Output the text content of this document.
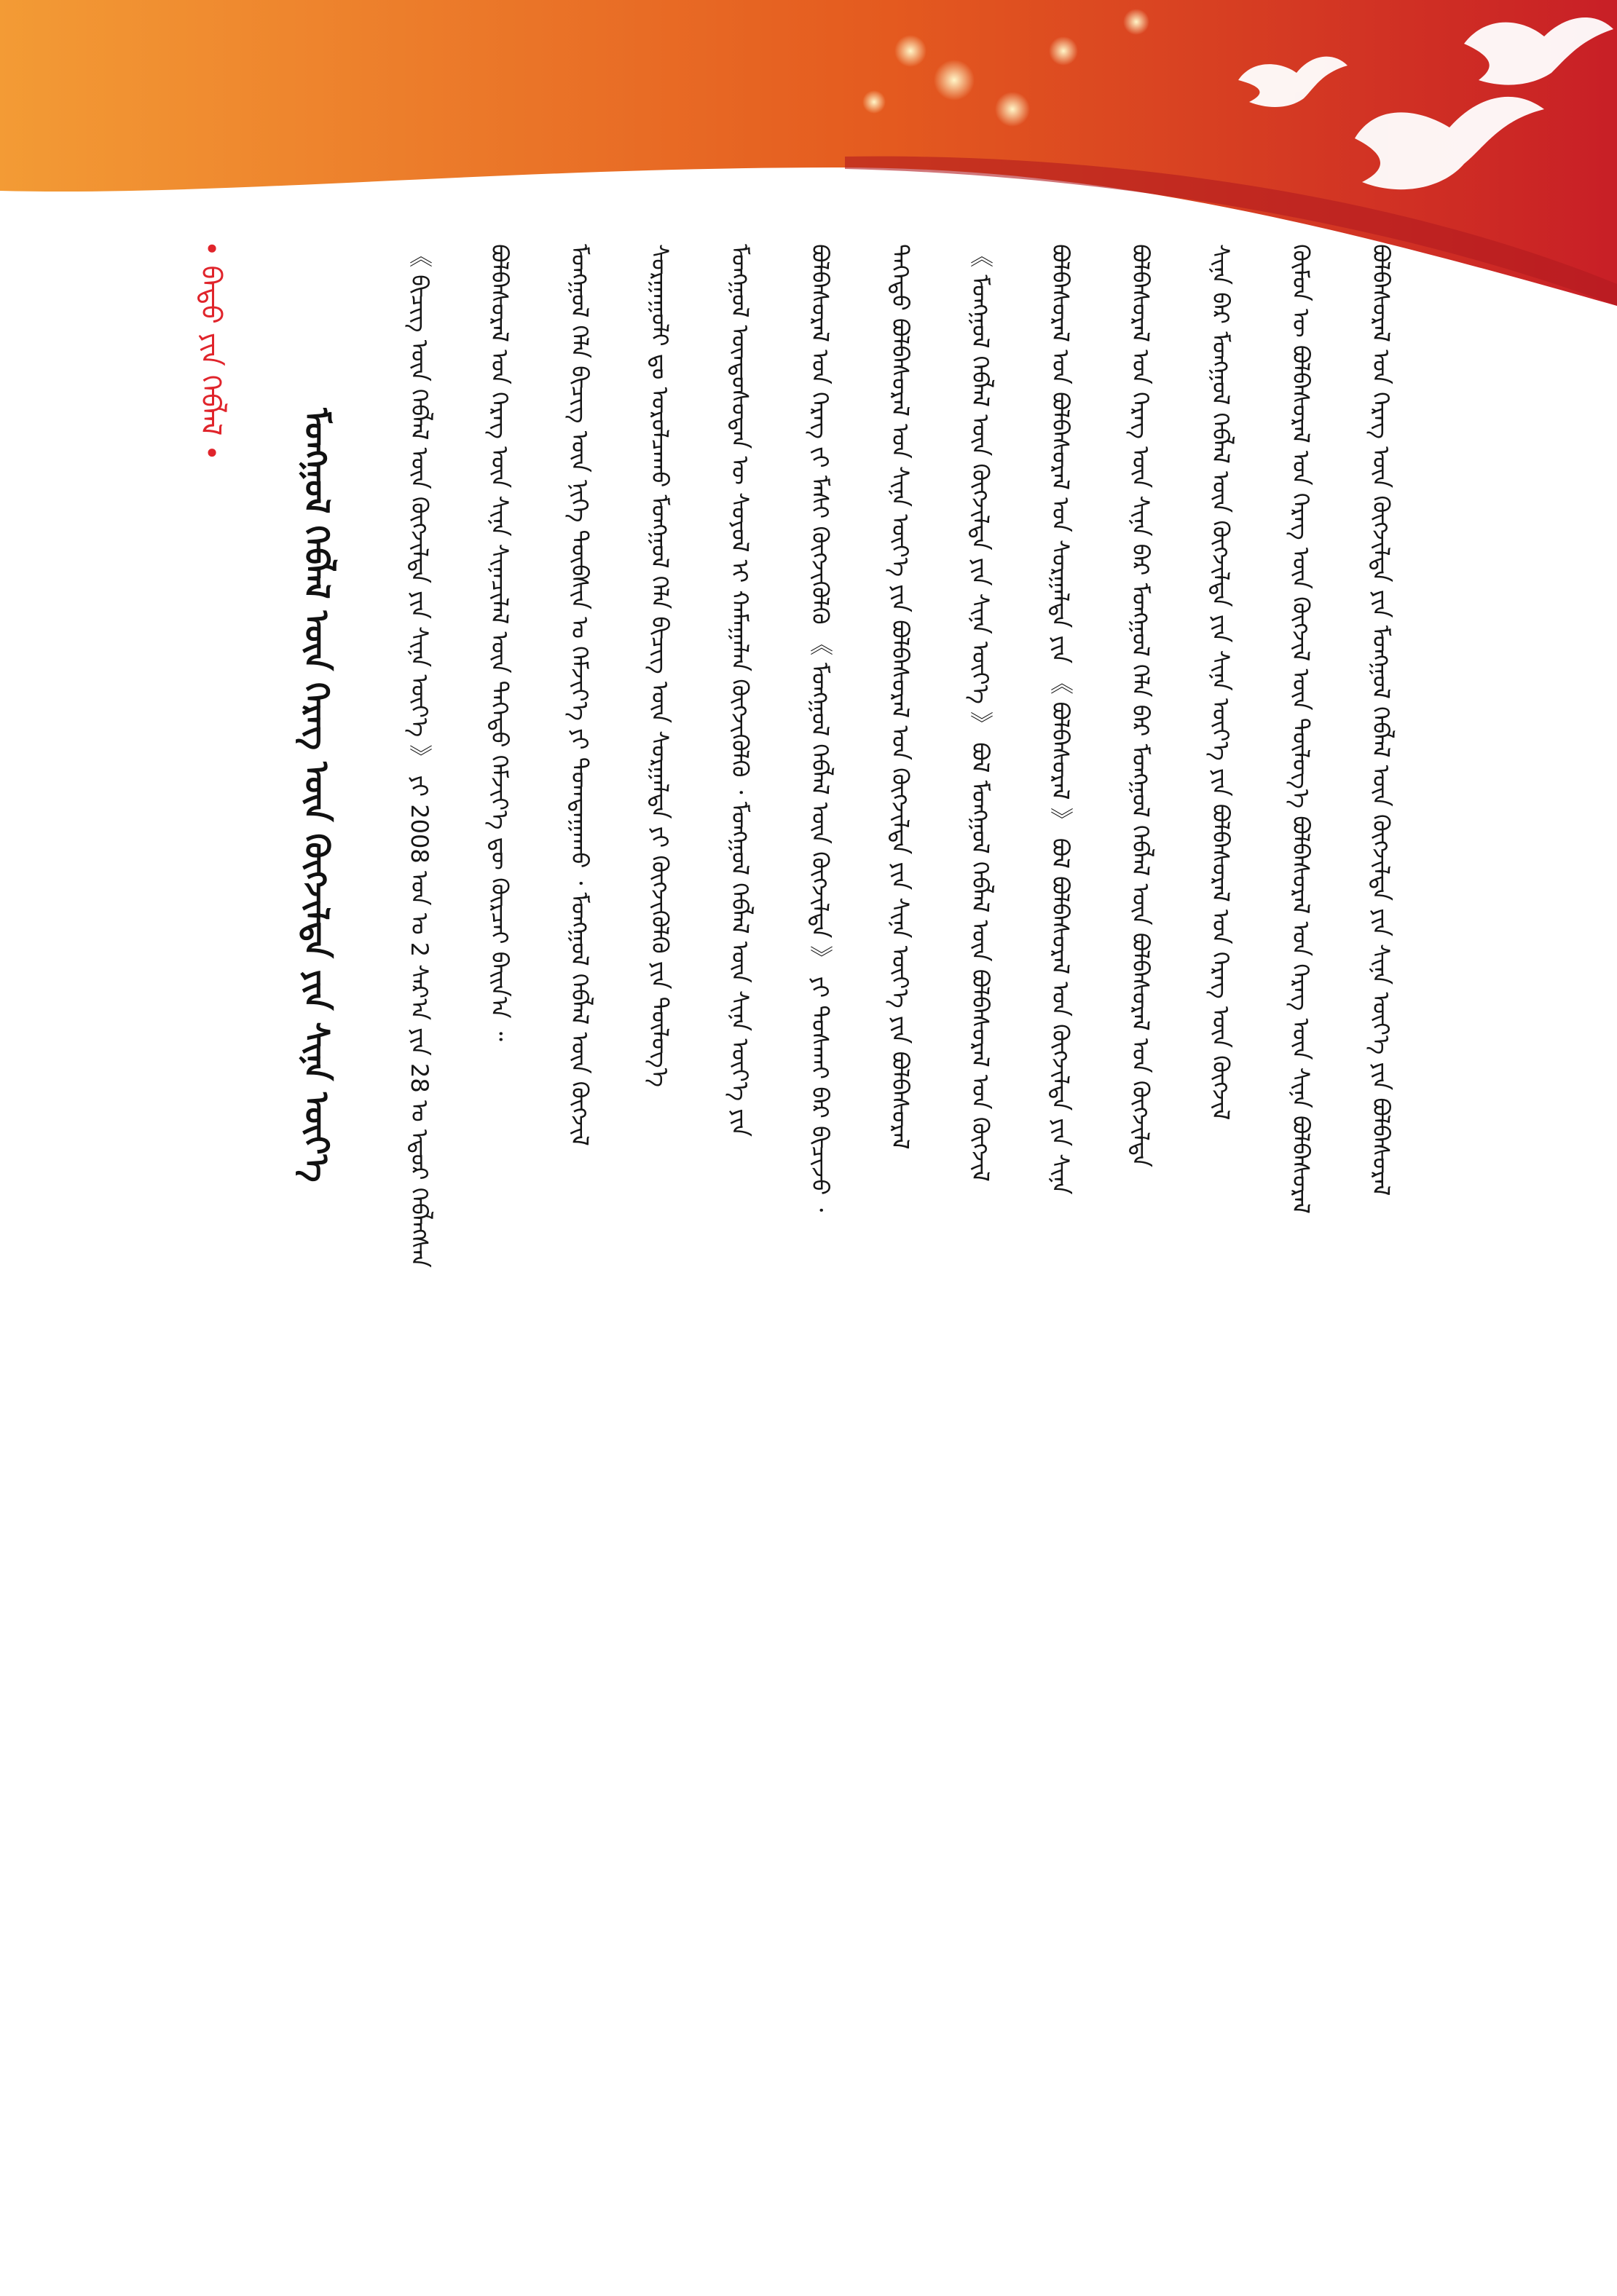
• ᠪᠠᠲᠤ ᠶᠢᠨ ᠬᠡᠪᠯᠡᠯ •
ᠮᠣᠩᠭᠣᠯ ᠬᠡᠪᠯᠡᠯ ᠦᠨ ᠬᠡᠷᠡᠭ ᠦᠨ ᠬᠥᠭᠵᠢᠯᠲᠡ ᠶᠢᠨ ᠰᠢᠨᠡ ᠦᠶ᠎ᠡ	《 ᠪᠢᠴᠢᠭ ᠦᠨ ᠬᠡᠪᠯᠡᠯ ᠦᠨ ᠬᠥᠭᠵᠢᠯᠲᠡ ᠶᠢᠨ ᠰᠢᠨᠡ ᠦᠶ᠎ᠡ 》 ᠶᠢ 2008 ᠣᠨ ᠤ 2 ᠰᠠᠷ᠎ᠠ ᠶᠢᠨ 28 ᠤ ᠡᠳᠦᠷ ᠬᠡᠪᠯᠡᠭᠰᠡᠨ	ᠪᠣᠯᠪᠠᠰᠤᠷᠠᠯ ᠤᠨ ᠬᠡᠷᠡᠭ ᠦᠨ ᠰᠢᠨᠡ ᠰᠢᠨᠡᠴᠢᠯᠡᠯ ᠦᠨ ᠳᠡᠭᠡᠳᠦ ᠬᠡᠮᠵᠢᠶ᠎ᠡ ᠳᠦ ᠬᠦᠷᠴᠡᠢ ᠪᠠᠢᠨ᠎ᠠ ᠃	ᠮᠣᠩᠭᠣᠯ ᠬᠡᠯᠡ ᠪᠢᠴᠢᠭ ᠦᠨ ᠨᠢᠭᠡ ᠲᠦᠪᠰᠢᠨ ᠤ ᠬᠡᠮᠵᠢᠶ᠎ᠡ ᠶᠢ ᠲᠣᠭᠲᠠᠭᠠᠬᠤ ᠂ ᠮᠣᠩᠭᠣᠯ ᠬᠡᠪᠯᠡᠯ ᠦᠨ ᠬᠥᠭᠵᠢᠯ	ᠰᠤᠷᠭᠠᠭᠤᠯᠢ ᠳᠤ ᠣᠷᠤᠯᠴᠠᠬᠤ ᠮᠣᠩᠭᠣᠯ ᠬᠡᠯᠡ ᠪᠢᠴᠢᠭ ᠦᠨ ᠰᠤᠷᠭᠠᠯᠲᠠ ᠶᠢ ᠬᠥᠭᠵᠢᠭᠦᠯᠬᠦ ᠶᠢᠨ ᠲᠥᠯᠥᠭ᠎ᠡ	ᠮᠣᠩᠭᠣᠯ ᠦᠨᠳᠦᠰᠦᠲᠡᠨ ᠦ ᠰᠣᠶᠣᠯ ᠢ ᠬᠠᠮᠠᠭᠠᠯᠠᠨ ᠬᠥᠭᠵᠢᠭᠦᠯᠬᠦ ᠂ ᠮᠣᠩᠭᠣᠯ ᠬᠡᠪᠯᠡᠯ ᠦᠨ ᠰᠢᠨᠡ ᠦᠶ᠎ᠡ ᠶᠢᠨ	ᠪᠣᠯᠪᠠᠰᠤᠷᠠᠯ ᠤᠨ ᠬᠡᠷᠡᠭ ᠵᠢ ᠮᠠᠰᠢ ᠬᠥᠭᠵᠢᠭᠦᠯᠬᠦ 《 ᠮᠣᠩᠭᠣᠯ ᠬᠡᠪᠯᠡᠯ ᠦᠨ ᠬᠥᠭᠵᠢᠯᠲᠡ 》 ᠶᠢ ᠲᠤᠰᠬᠠᠢ ᠪᠡᠷ ᠪᠢᠴᠢᠵᠦ ᠂	ᠳᠡᠭᠡᠳᠦ ᠪᠣᠯᠪᠠᠰᠤᠷᠠᠯ ᠤᠨ ᠰᠢᠨᠡ ᠦᠶ᠎ᠡ ᠶᠢᠨ ᠪᠣᠯᠪᠠᠰᠤᠷᠠᠯ ᠤᠨ ᠬᠥᠭᠵᠢᠯᠲᠡ ᠶᠢᠨ ᠰᠢᠨᠡ ᠦᠶ᠎ᠡ ᠶᠢᠨ ᠪᠣᠯᠪᠠᠰᠤᠷᠠᠯ	《 ᠮᠣᠩᠭᠣᠯ ᠬᠡᠪᠯᠡᠯ ᠦᠨ ᠬᠥᠭᠵᠢᠯᠲᠡ ᠶᠢᠨ ᠰᠢᠨᠡ ᠦᠶ᠎ᠡ 》 ᠪᠣᠯ ᠮᠣᠩᠭᠣᠯ ᠬᠡᠪᠯᠡᠯ ᠦᠨ ᠪᠣᠯᠪᠠᠰᠤᠷᠠᠯ ᠤᠨ ᠬᠥᠭᠵᠢᠯ	ᠪᠣᠯᠪᠠᠰᠤᠷᠠᠯ ᠤᠨ ᠪᠣᠯᠪᠠᠰᠤᠷᠠᠯ ᠤᠨ ᠰᠤᠷᠭᠠᠯᠲᠠ ᠶᠢᠨ 《 ᠪᠣᠯᠪᠠᠰᠤᠷᠠᠯ 》 ᠪᠣᠯ ᠪᠣᠯᠪᠠᠰᠤᠷᠠᠯ ᠤᠨ ᠬᠥᠭᠵᠢᠯᠲᠡ ᠶᠢᠨ ᠰᠢᠨᠡ	ᠪᠣᠯᠪᠠᠰᠤᠷᠠᠯ ᠤᠨ ᠬᠡᠷᠡᠭ ᠦᠨ ᠰᠢᠨᠡ ᠪᠠᠷ ᠮᠣᠩᠭᠣᠯ ᠬᠡᠯᠡ ᠪᠡᠷ ᠮᠣᠩᠭᠣᠯ ᠬᠡᠪᠯᠡᠯ ᠦᠨ ᠪᠣᠯᠪᠠᠰᠤᠷᠠᠯ ᠤᠨ ᠬᠥᠭᠵᠢᠯᠲᠡ	ᠰᠢᠨᠡ ᠪᠠᠷ ᠮᠣᠩᠭᠣᠯ ᠬᠡᠪᠯᠡᠯ ᠦᠨ ᠬᠥᠭᠵᠢᠯᠲᠡ ᠶᠢᠨ ᠰᠢᠨᠡ ᠦᠶ᠎ᠡ ᠶᠢᠨ ᠪᠣᠯᠪᠠᠰᠤᠷᠠᠯ ᠤᠨ ᠬᠡᠷᠡᠭ ᠦᠨ ᠬᠥᠭᠵᠢᠯ	ᠬᠦᠮᠦᠨ ᠦ ᠪᠣᠯᠪᠠᠰᠤᠷᠠᠯ ᠤᠨ ᠬᠡᠷᠡᠭ ᠦᠨ ᠬᠥᠭᠵᠢᠯ ᠦᠨ ᠲᠥᠯᠥᠭ᠎ᠡ ᠪᠣᠯᠪᠠᠰᠤᠷᠠᠯ ᠤᠨ ᠬᠡᠷᠡᠭ ᠦᠨ ᠰᠢᠨᠡ ᠪᠣᠯᠪᠠᠰᠤᠷᠠᠯ	ᠪᠣᠯᠪᠠᠰᠤᠷᠠᠯ ᠤᠨ ᠬᠡᠷᠡᠭ ᠦᠨ ᠬᠥᠭᠵᠢᠯᠲᠡ ᠶᠢᠨ ᠮᠣᠩᠭᠣᠯ ᠬᠡᠪᠯᠡᠯ ᠦᠨ ᠬᠥᠭᠵᠢᠯᠲᠡ ᠶᠢᠨ ᠰᠢᠨᠡ ᠦᠶ᠎ᠡ ᠶᠢᠨ ᠪᠣᠯᠪᠠᠰᠤᠷᠠᠯ
